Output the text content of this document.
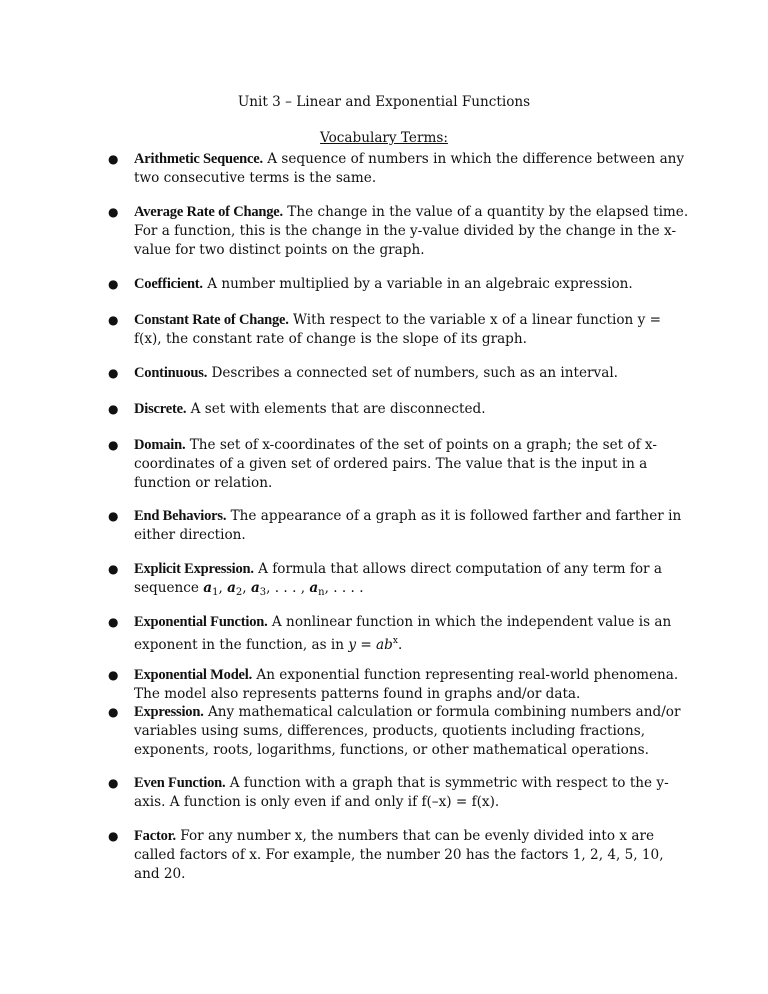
Unit 3 – Linear and Exponential Functions
Vocabulary Terms:
● Arithmetic Sequence. A sequence of numbers in which the difference between any two consecutive terms is the same.
● Average Rate of Change. The change in the value of a quantity by the elapsed time. For a function, this is the change in the y-value divided by the change in the x-value for two distinct points on the graph.
● Coefficient. A number multiplied by a variable in an algebraic expression.
● Constant Rate of Change. With respect to the variable x of a linear function y = f(x), the constant rate of change is the slope of its graph.
● Continuous. Describes a connected set of numbers, such as an interval.
● Discrete. A set with elements that are disconnected.
● Domain. The set of x-coordinates of the set of points on a graph; the set of x-coordinates of a given set of ordered pairs. The value that is the input in a function or relation.
● End Behaviors. The appearance of a graph as it is followed farther and farther in either direction.
● Explicit Expression. A formula that allows direct computation of any term for a sequence $a_1$, $a_2$, $a_3$, . . . , $a_n$, . . . .
● Exponential Function. A nonlinear function in which the independent value is an exponent in the function, as in $y = ab^x$.
● Exponential Model. An exponential function representing real-world phenomena. The model also represents patterns found in graphs and/or data.
● Expression. Any mathematical calculation or formula combining numbers and/or variables using sums, differences, products, quotients including fractions, exponents, roots, logarithms, functions, or other mathematical operations.
● Even Function. A function with a graph that is symmetric with respect to the y-axis. A function is only even if and only if f(–x) = f(x).
● Factor. For any number x, the numbers that can be evenly divided into x are called factors of x. For example, the number 20 has the factors 1, 2, 4, 5, 10, and 20.
